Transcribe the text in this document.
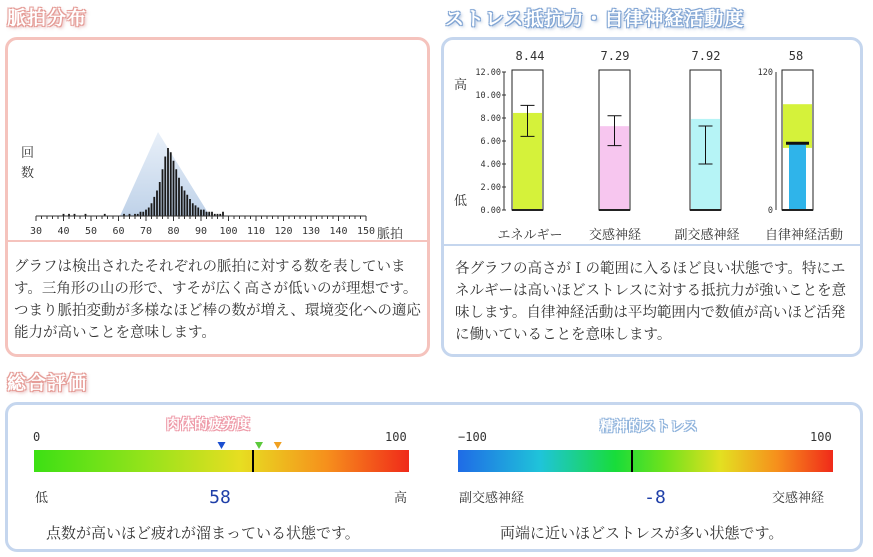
脈拍分布	ストレス抵抗力・自律神経活動度
総合評価
30 40 50 60 70 80 90 100 110 120 130 140 150
回
数
脈拍
グラフは検出されたそれぞれの脈拍に対する数を表しています。三角形の山の形で、すそが広く高さが低いのが理想です。つまり脈拍変動が多様なほど棒の数が増え、環境変化への適応能力が高いことを意味します。
高
低
12.00
10.00
8.00
6.00
4.00
2.00
0.00
120
0
8.44	7.29	7.92	58
エネルギー	交感神経	副交感神経	自律神経活動
各グラフの高さがＩの範囲に入るほど良い状態です。特にエネルギーは高いほどストレスに対する抵抗力が強いことを意味します。自律神経活動は平均範囲内で数値が高いほど活発に働いていることを意味します。
肉体的疲労度
0	100
低	高
58
点数が高いほど疲れが溜まっている状態です。
精神的ストレス
−100	100
副交感神経	交感神経
-8
両端に近いほどストレスが多い状態です。
